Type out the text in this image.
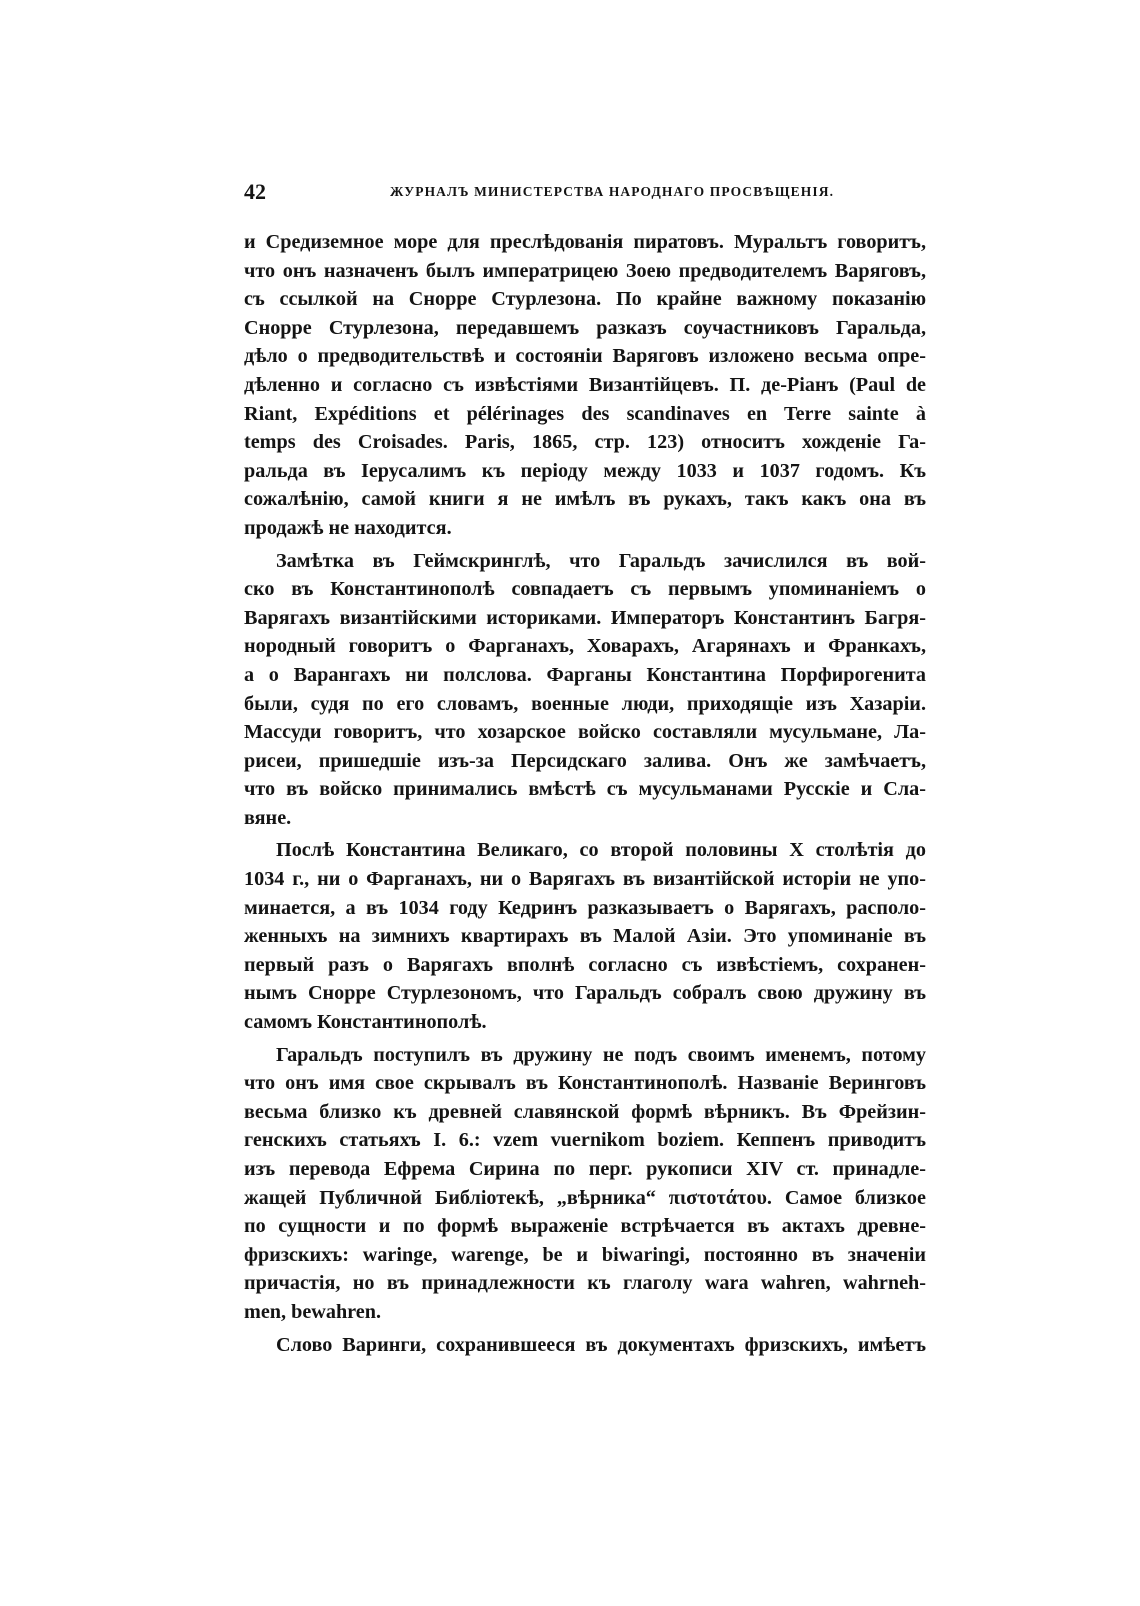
42	ЖУРНАЛЪ МИНИСТЕРСТВА НАРОДНАГО ПРОСВѢЩЕНІЯ.
и Средиземное море для преслѣдованія пиратовъ. Муральтъ говоритъ,
что онъ назначенъ былъ императрицею Зоею предводителемъ Варяговъ,
съ ссылкой на Снорре Стурлезона. По крайне важному показанію
Снорре Стурлезона, передавшемъ разказъ соучастниковъ Гаральда,
дѣло о предводительствѣ и состояніи Варяговъ изложено весьма опре-
дѣленно и согласно съ извѣстіями Византійцевъ. П. де-Ріанъ (Paul de
Riant, Expéditions et pélérinages des scandinaves en Terre sainte à
temps des Croisades. Paris, 1865, стр. 123) относитъ хожденіе Га-
ральда въ Іерусалимъ къ періоду между 1033 и 1037 годомъ. Къ
сожалѣнію, самой книги я не имѣлъ въ рукахъ, такъ какъ она въ
продажѣ не находится.
Замѣтка въ Геймскринглѣ, что Гаральдъ зачислился въ вой-
ско въ Константинополѣ совпадаетъ съ первымъ упоминаніемъ о
Варягахъ византійскими историками. Императоръ Константинъ Багря-
нородный говоритъ о Фарганахъ, Ховарахъ, Агарянахъ и Франкахъ,
а о Варангахъ ни полслова. Фарганы Константина Порфирогенита
были, судя по его словамъ, военные люди, приходящіе изъ Хазаріи.
Массуди говоритъ, что хозарское войско составляли мусульмане, Ла-
рисеи, пришедшіе изъ-за Персидскаго залива. Онъ же замѣчаетъ,
что въ войско принимались вмѣстѣ съ мусульманами Русскіе и Сла-
вяне.
Послѣ Константина Великаго, со второй половины X столѣтія до
1034 г., ни о Фарганахъ, ни о Варягахъ въ византійской исторіи не упо-
минается, а въ 1034 году Кедринъ разказываетъ о Варягахъ, располо-
женныхъ на зимнихъ квартирахъ въ Малой Азіи. Это упоминаніе въ
первый разъ о Варягахъ вполнѣ согласно съ извѣстіемъ, сохранен-
нымъ Снорре Стурлезономъ, что Гаральдъ собралъ свою дружину въ
самомъ Константинополѣ.
Гаральдъ поступилъ въ дружину не подъ своимъ именемъ, потому
что онъ имя свое скрывалъ въ Константинополѣ. Названіе Веринговъ
весьма близко къ древней славянской формѣ вѣрникъ. Въ Фрейзин-
генскихъ статьяхъ I. 6.: vzem vuernikom boziem. Кеппенъ приводитъ
изъ перевода Ефрема Сирина по перг. рукописи XIV ст. принадле-
жащей Публичной Библіотекѣ, „вѣрника“ πιστοτάτου. Самое близкое
по сущности и по формѣ выраженіе встрѣчается въ актахъ древне-
фризскихъ: waringe, warenge, be и biwaringi, постоянно въ значеніи
причастія, но въ принадлежности къ глаголу wara wahren, wahrneh-
men, bewahren.
Слово Варинги, сохранившееся въ документахъ фризскихъ, имѣетъ
